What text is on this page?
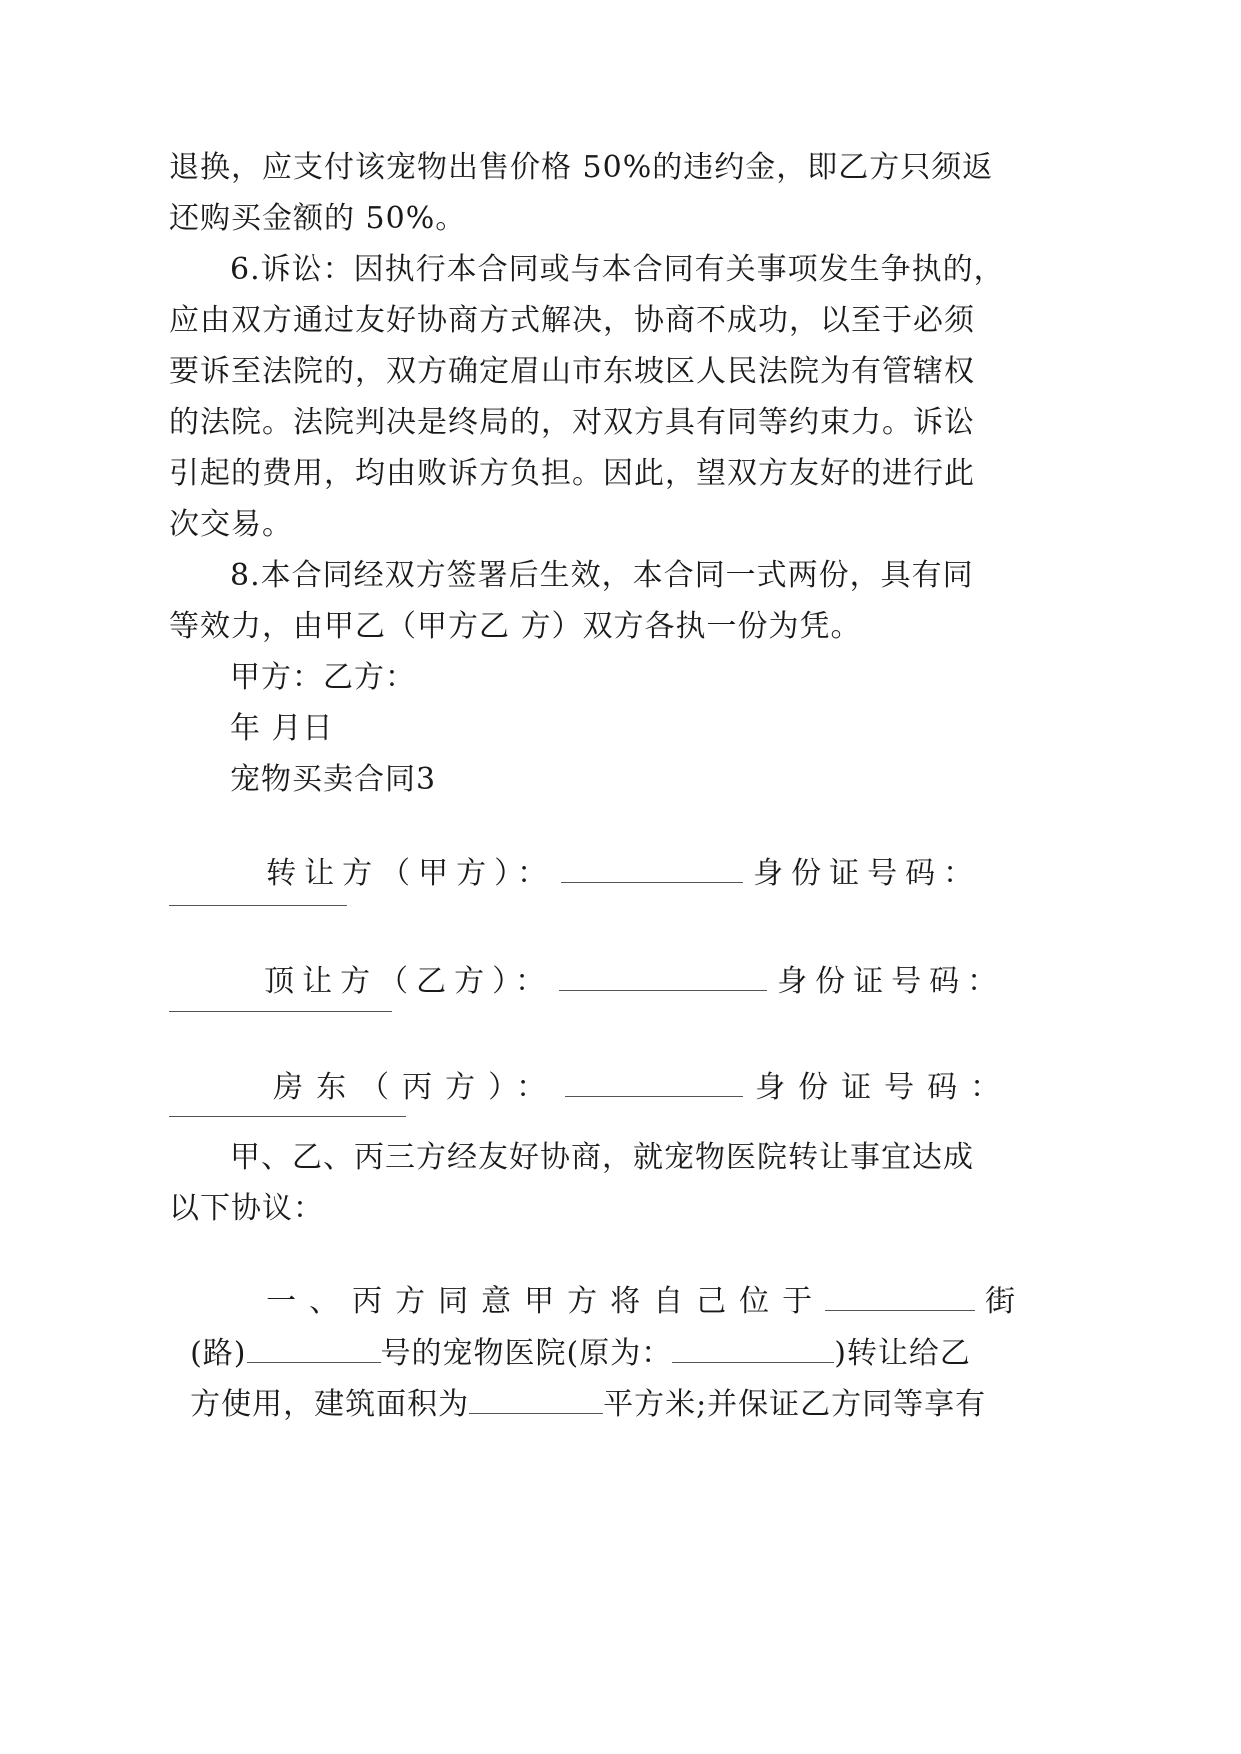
退换，应支付该宠物出售价格 50%的违约金，即乙方只须返
还购买金额的 50%。
6.诉讼：因执行本合同或与本合同有关事项发生争执的，
应由双方通过友好协商方式解决，协商不成功，以至于必须
要诉至法院的，双方确定眉山市东坡区人民法院为有管辖权
的法院。法院判决是终局的，对双方具有同等约束力。诉讼
引起的费用，均由败诉方负担。因此，望双方友好的进行此
次交易。
8.本合同经双方签署后生效，本合同一式两份，具有同
等效力，由甲乙（甲方乙 方）双方各执一份为凭。
甲方：乙方：
年 月日
宠物买卖合同3

转让方（甲方）：	身份证号码：

顶让方（乙方）：	身份证号码：

房东（丙方）：	身份证号码：

甲、乙、丙三方经友好协商，就宠物医院转让事宜达成
以下协议：

一、丙方同意甲方将自己位于	街

(路)	号的宠物医院(原为：	)转让给乙

方使用，建筑面积为	平方米;并保证乙方同等享有
